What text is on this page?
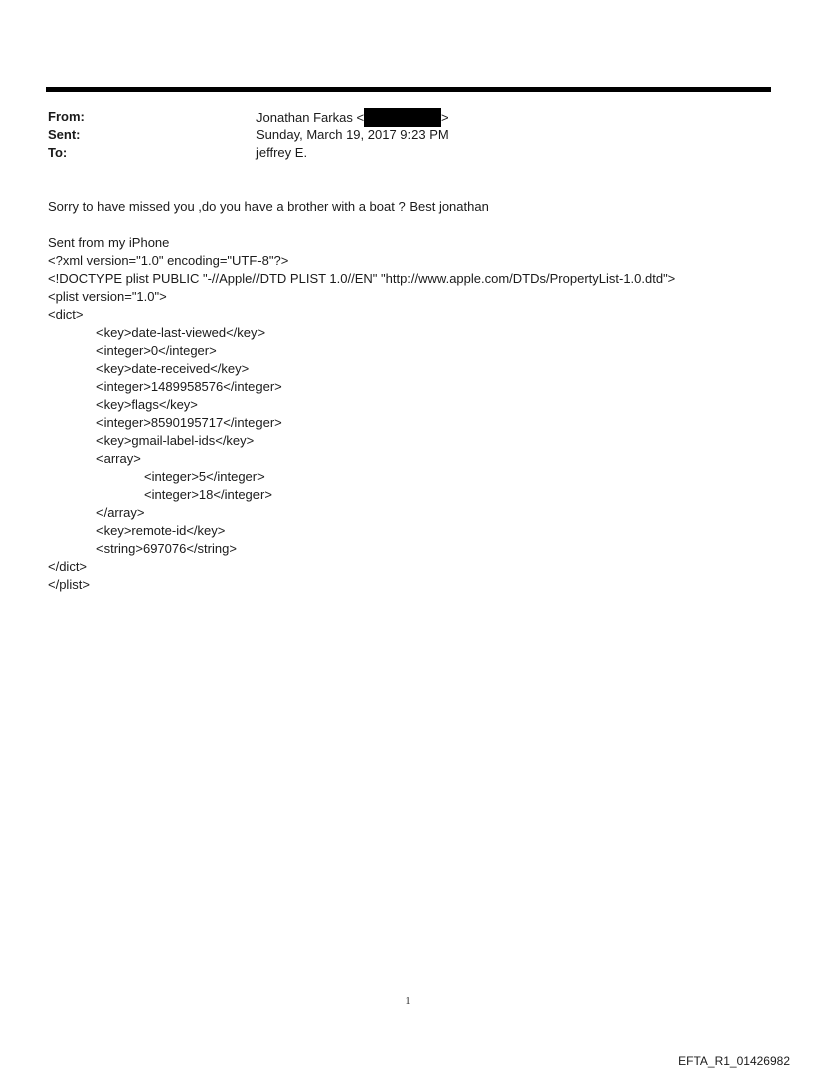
From:	Jonathan Farkas <	>
Sent:	Sunday, March 19, 2017 9:23 PM
To:	jeffrey E.
Sorry to have missed you ,do you have a brother with a boat ? Best jonathan
Sent from my iPhone
<?xml version="1.0" encoding="UTF-8"?>
<!DOCTYPE plist PUBLIC "-//Apple//DTD PLIST 1.0//EN" "http://www.apple.com/DTDs/PropertyList-1.0.dtd">
<plist version="1.0">
<dict>
<key>date-last-viewed</key>
<integer>0</integer>
<key>date-received</key>
<integer>1489958576</integer>
<key>flags</key>
<integer>8590195717</integer>
<key>gmail-label-ids</key>
<array>
<integer>5</integer>
<integer>18</integer>
</array>
<key>remote-id</key>
<string>697076</string>
</dict>
</plist>
1
EFTA_R1_01426982
